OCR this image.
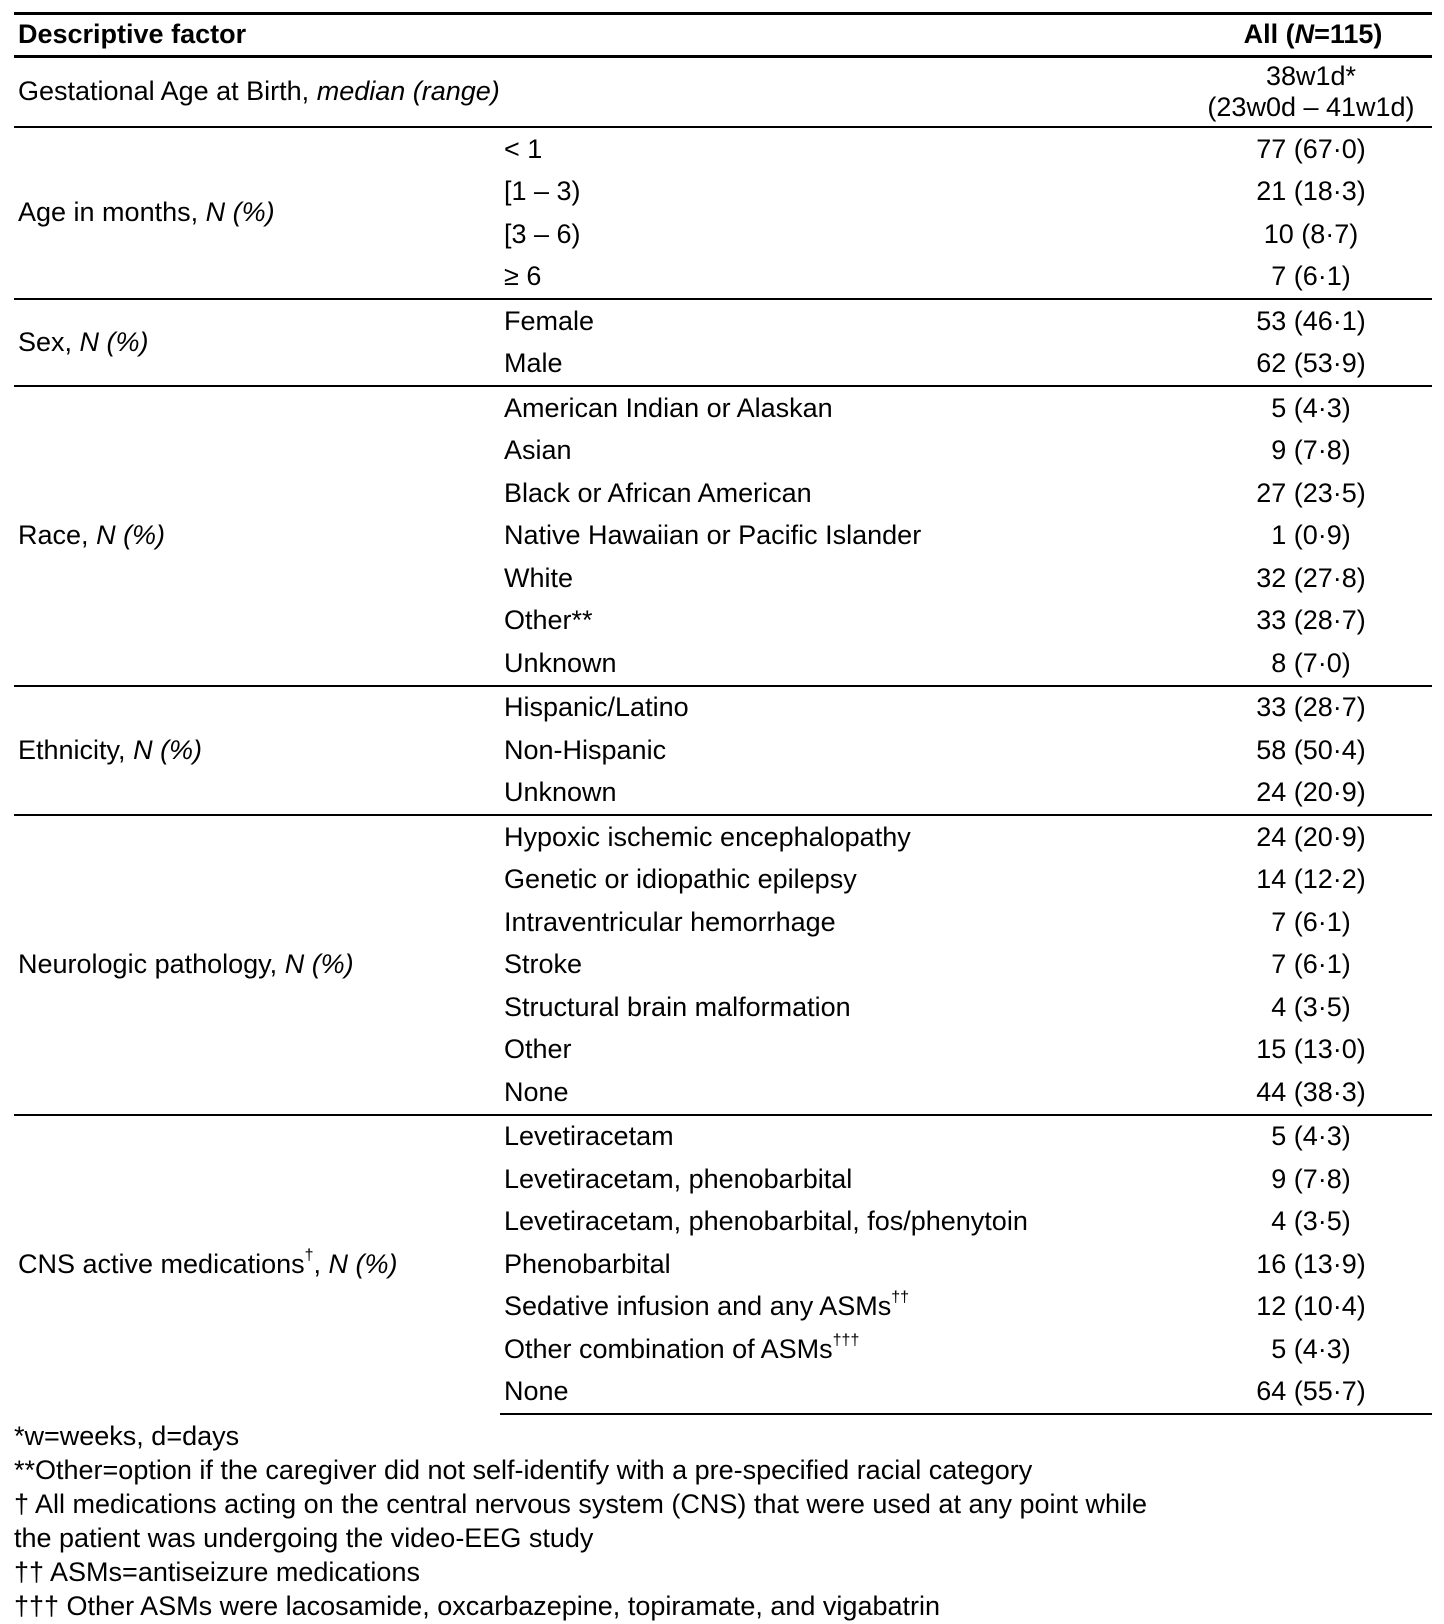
Descriptive factor		All (N=115)
Gestational Age at Birth, median (range)		38w1d*
(23w0d – 41w1d)

Age in months, N (%)	< 1	77 (67·0)
	[1 – 3)	21 (18·3)
	[3 – 6)	10 (8·7)
	≥ 6	7 (6·1)
Sex, N (%)	Female	53 (46·1)
	Male	62 (53·9)
Race, N (%)	American Indian or Alaskan	5 (4·3)
	Asian	9 (7·8)
	Black or African American	27 (23·5)
	Native Hawaiian or Pacific Islander	1 (0·9)
	White	32 (27·8)
	Other**	33 (28·7)
	Unknown	8 (7·0)
Ethnicity, N (%)	Hispanic/Latino	33 (28·7)
	Non-Hispanic	58 (50·4)
	Unknown	24 (20·9)
Neurologic pathology, N (%)	Hypoxic ischemic encephalopathy	24 (20·9)
	Genetic or idiopathic epilepsy	14 (12·2)
	Intraventricular hemorrhage	7 (6·1)
	Stroke	7 (6·1)
	Structural brain malformation	4 (3·5)
	Other	15 (13·0)
	None	44 (38·3)
CNS active medications†, N (%)	Levetiracetam	5 (4·3)
	Levetiracetam, phenobarbital	9 (7·8)
	Levetiracetam, phenobarbital, fos/phenytoin	4 (3·5)
	Phenobarbital	16 (13·9)
	Sedative infusion and any ASMs††	12 (10·4)
	Other combination of ASMs†††	5 (4·3)
	None	64 (55·7)
*w=weeks, d=days
**Other=option if the caregiver did not self-identify with a pre-specified racial category
† All medications acting on the central nervous system (CNS) that were used at any point while
the patient was undergoing the video-EEG study
†† ASMs=antiseizure medications
††† Other ASMs were lacosamide, oxcarbazepine, topiramate, and vigabatrin
